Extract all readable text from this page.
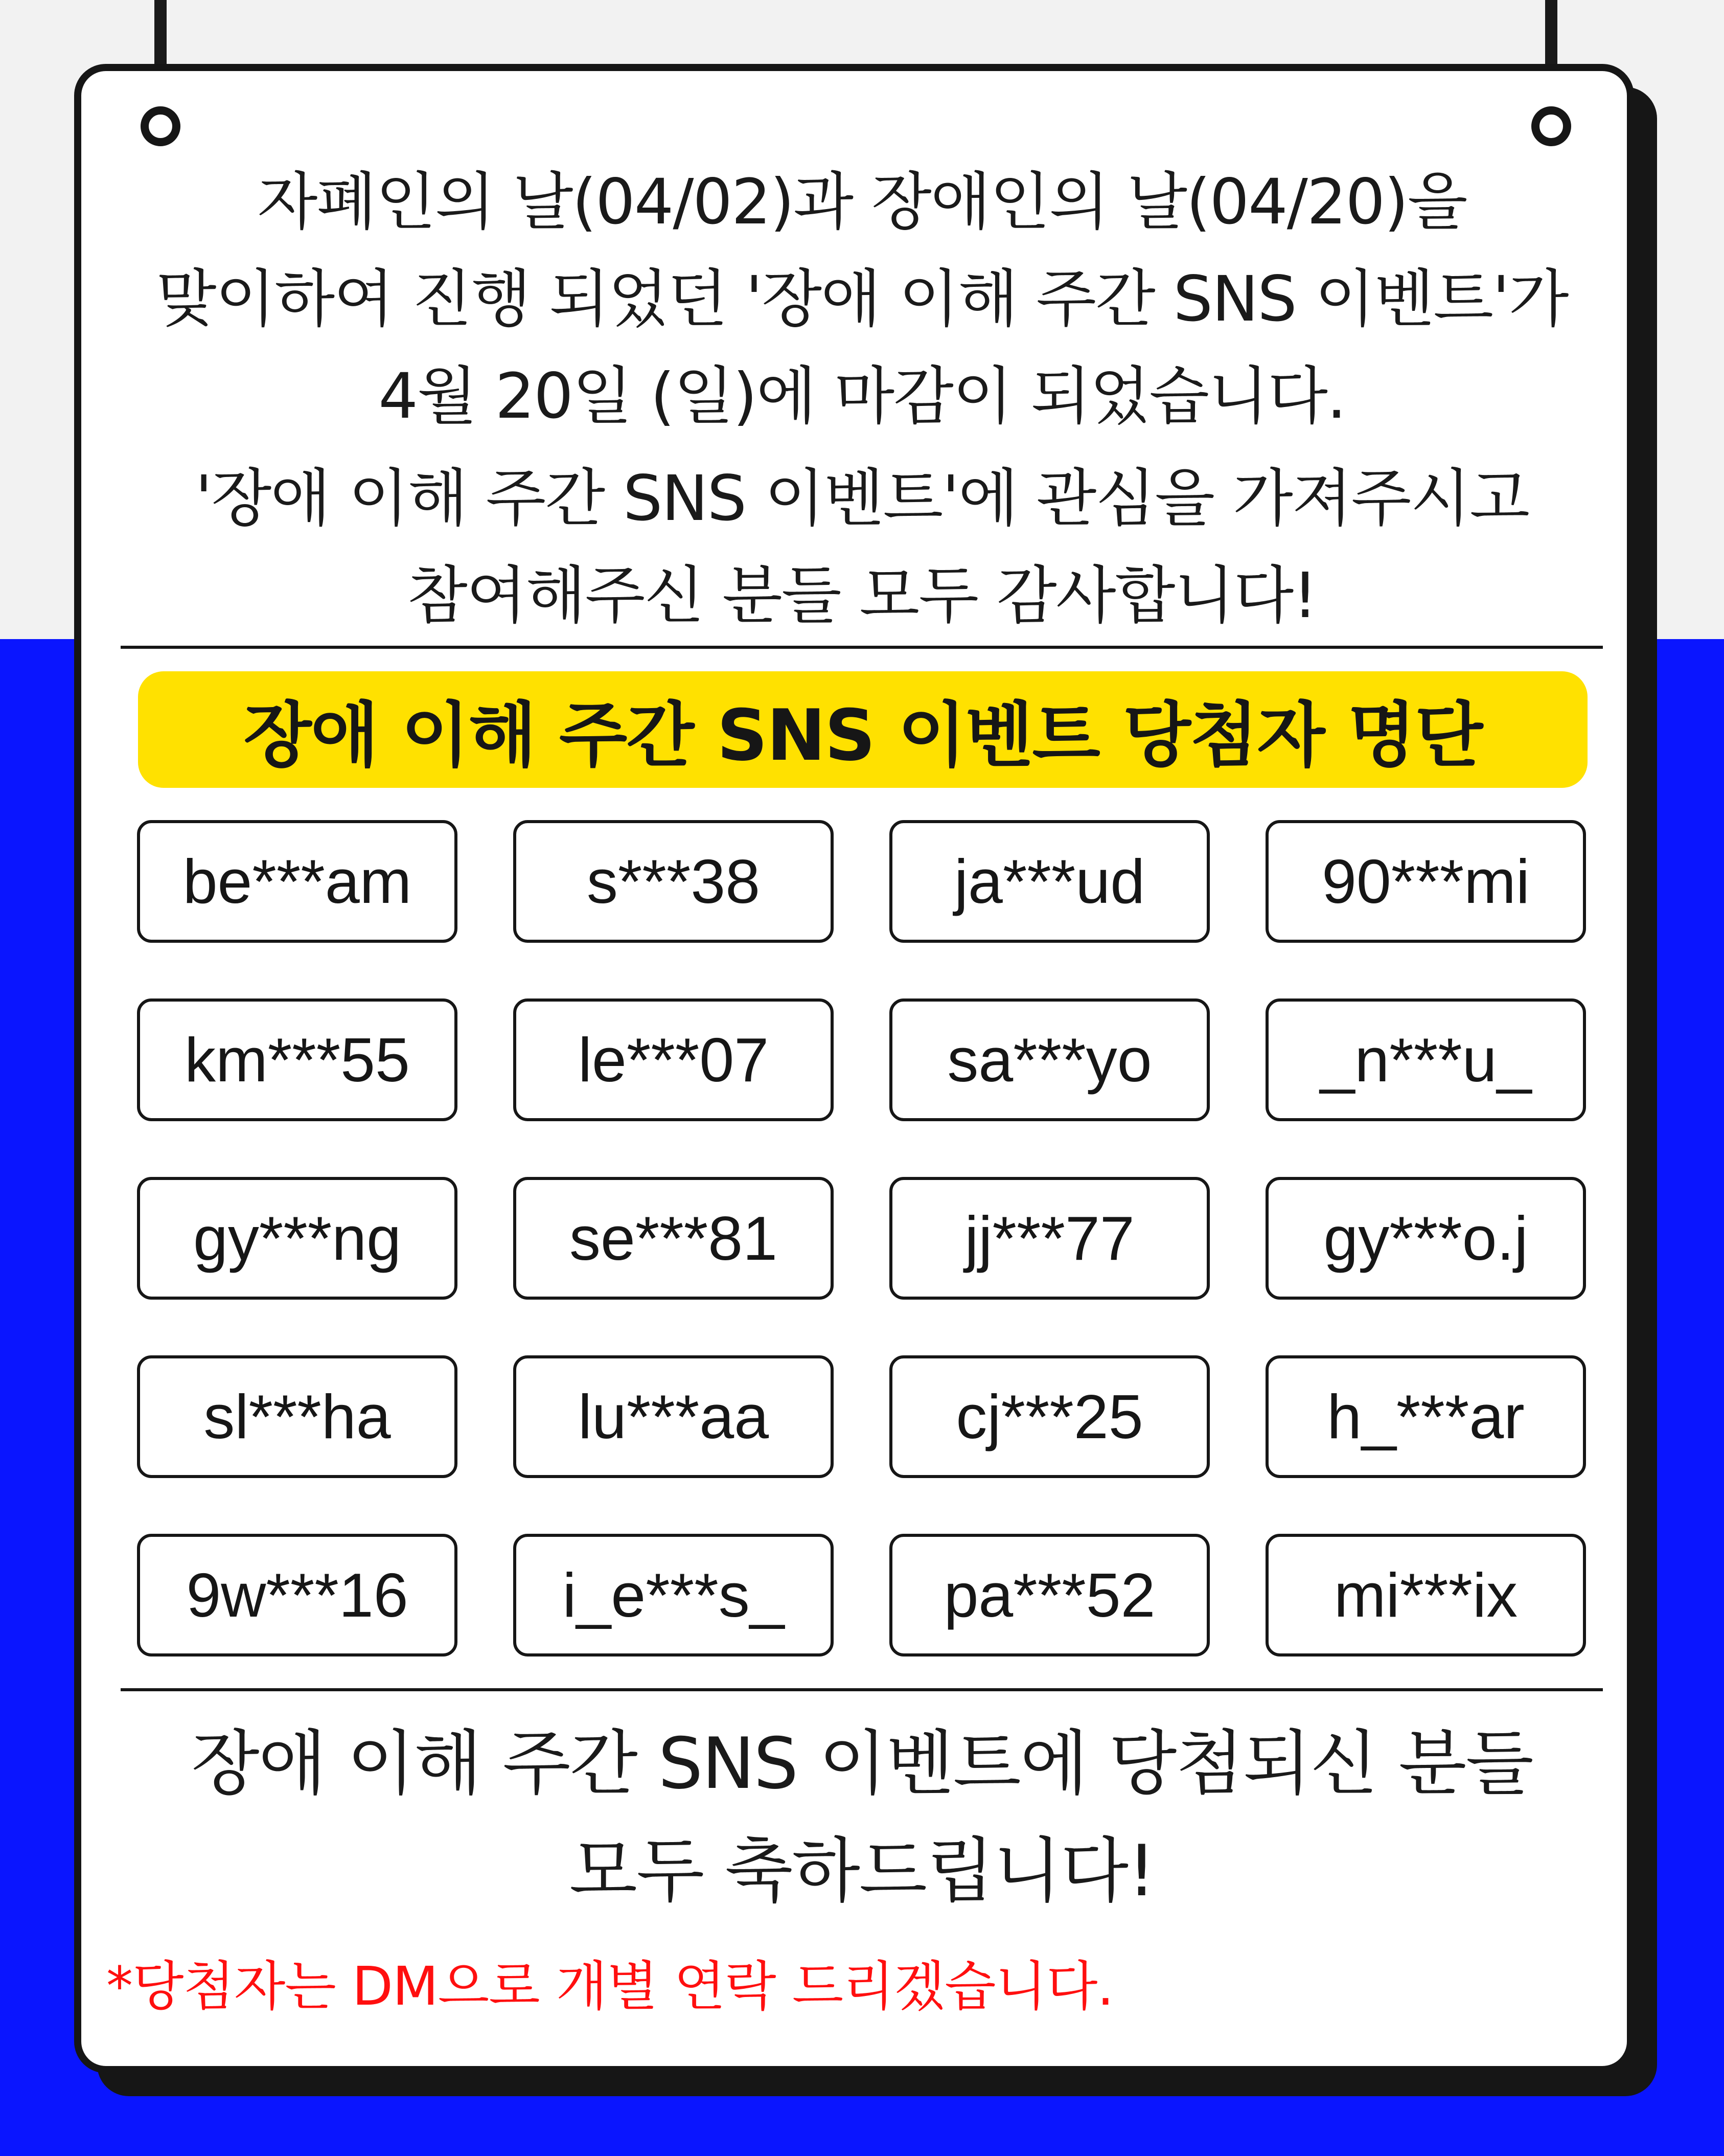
자폐인의 날(04/02)과 장애인의 날(04/20)을
맞이하여 진행 되었던 '장애 이해 주간 SNS 이벤트'가
4월 20일 (일)에 마감이 되었습니다.
'장애 이해 주간 SNS 이벤트'에 관심을 가져주시고
참여해주신 분들 모두 감사합니다!
장애 이해 주간 SNS 이벤트 당첨자 명단
be***am	s***38	ja***ud	90***mi
km***55	le***07	sa***yo	_n***u_
gy***ng	se***81	jj***77	gy***o.j
sl***ha	lu***aa	cj***25	h_***ar
9w***16	i_e***s_	pa***52	mi***ix
장애 이해 주간 SNS 이벤트에 당첨되신 분들
모두 축하드립니다!
*당첨자는 DM으로 개별 연락 드리겠습니다.
